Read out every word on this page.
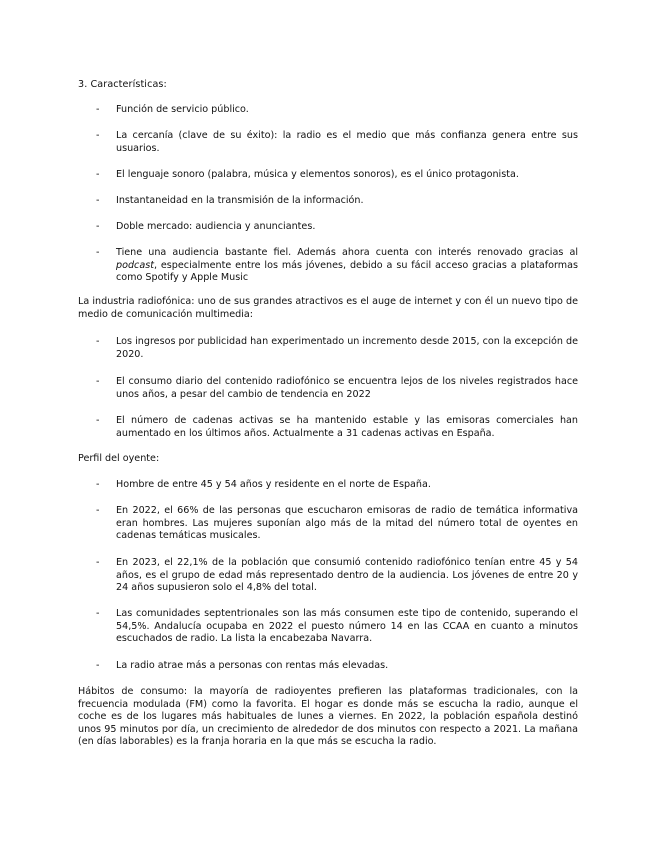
3. Características:
- Función de servicio público.
- La cercanía (clave de su éxito): la radio es el medio que más confianza genera entre sus usuarios.
- El lenguaje sonoro (palabra, música y elementos sonoros), es el único protagonista.
- Instantaneidad en la transmisión de la información.
- Doble mercado: audiencia y anunciantes.
- Tiene una audiencia bastante fiel. Además ahora cuenta con interés renovado gracias al podcast, especialmente entre los más jóvenes, debido a su fácil acceso gracias a plataformas como Spotify y Apple Music
La industria radiofónica: uno de sus grandes atractivos es el auge de internet y con él un nuevo tipo de medio de comunicación multimedia:
- Los ingresos por publicidad han experimentado un incremento desde 2015, con la excepción de 2020.
- El consumo diario del contenido radiofónico se encuentra lejos de los niveles registrados hace unos años, a pesar del cambio de tendencia en 2022
- El número de cadenas activas se ha mantenido estable y las emisoras comerciales han aumentado en los últimos años. Actualmente a 31 cadenas activas en España.
Perfil del oyente:
- Hombre de entre 45 y 54 años y residente en el norte de España.
- En 2022, el 66% de las personas que escucharon emisoras de radio de temática informativa eran hombres. Las mujeres suponían algo más de la mitad del número total de oyentes en cadenas temáticas musicales.
- En 2023, el 22,1% de la población que consumió contenido radiofónico tenían entre 45 y 54 años, es el grupo de edad más representado dentro de la audiencia. Los jóvenes de entre 20 y 24 años supusieron solo el 4,8% del total.
- Las comunidades septentrionales son las más consumen este tipo de contenido, superando el 54,5%. Andalucía ocupaba en 2022 el puesto número 14 en las CCAA en cuanto a minutos escuchados de radio. La lista la encabezaba Navarra.
- La radio atrae más a personas con rentas más elevadas.
Hábitos de consumo: la mayoría de radioyentes prefieren las plataformas tradicionales, con la frecuencia modulada (FM) como la favorita. El hogar es donde más se escucha la radio, aunque el coche es de los lugares más habituales de lunes a viernes. En 2022, la población española destinó unos 95 minutos por día, un crecimiento de alrededor de dos minutos con respecto a 2021. La mañana (en días laborables) es la franja horaria en la que más se escucha la radio.
